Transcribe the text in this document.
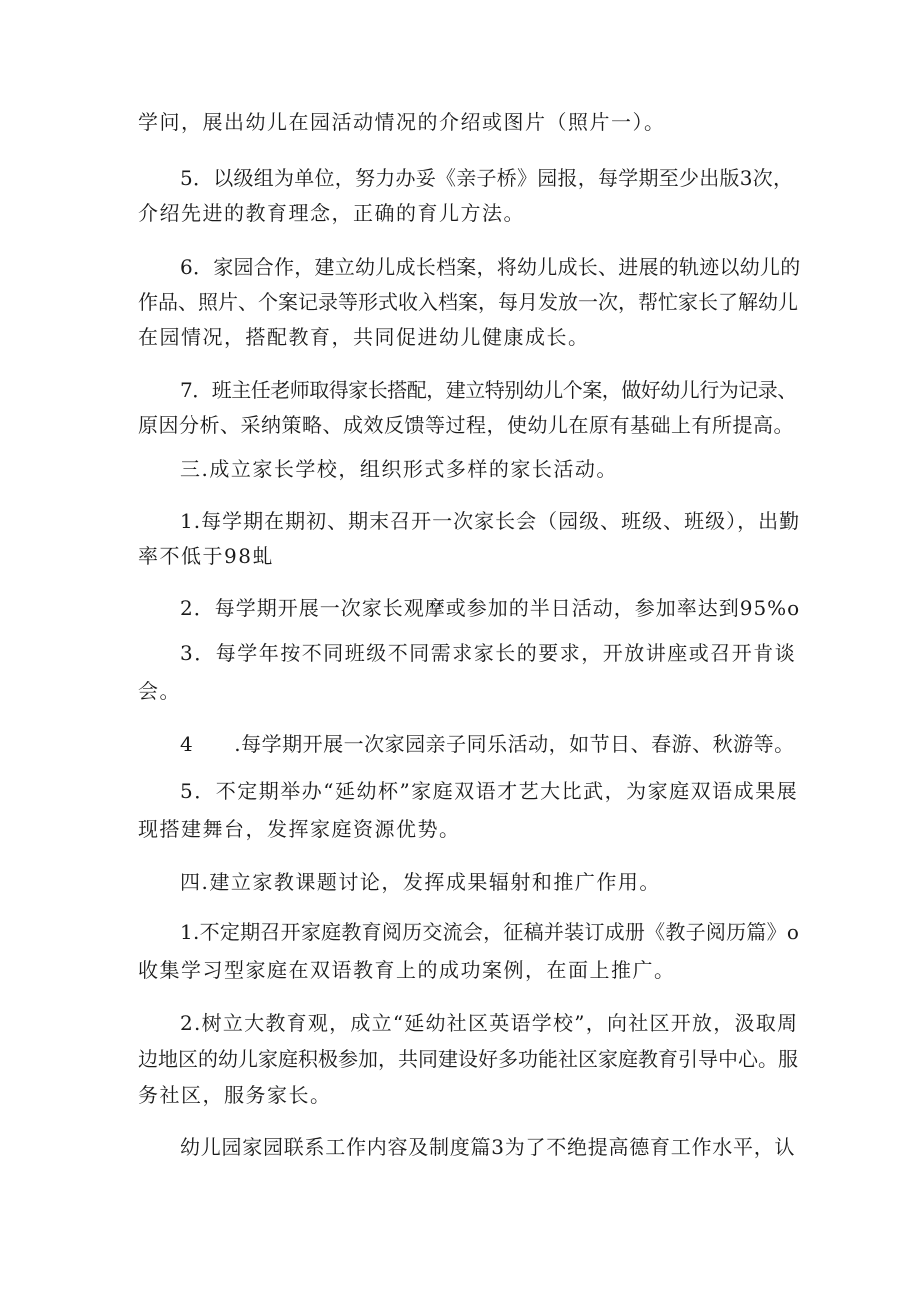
学问，展出幼儿在园活动情况的介绍或图片（照片一）。
5．以级组为单位，努力办妥《亲子桥》园报，每学期至少出版3次，
介绍先进的教育理念，正确的育儿方法。
6．家园合作，建立幼儿成长档案，将幼儿成长、进展的轨迹以幼儿的
作品、照片、个案记录等形式收入档案，每月发放一次，帮忙家长了解幼儿
在园情况，搭配教育，共同促进幼儿健康成长。
7．班主任老师取得家长搭配，建立特别幼儿个案，做好幼儿行为记录、
原因分析、采纳策略、成效反馈等过程，使幼儿在原有基础上有所提高。
三.成立家长学校，组织形式多样的家长活动。
1.每学期在期初、期末召开一次家长会（园级、班级、班级），出勤
率不低于98虬
2．每学期开展一次家长观摩或参加的半日活动，参加率达到95%o
3．每学年按不同班级不同需求家长的要求，开放讲座或召开肯谈
会。
4　　.每学期开展一次家园亲子同乐活动，如节日、春游、秋游等。
5．不定期举办“延幼杯”家庭双语才艺大比武，为家庭双语成果展
现搭建舞台，发挥家庭资源优势。
四.建立家教课题讨论，发挥成果辐射和推广作用。
1.不定期召开家庭教育阅历交流会，征稿并装订成册《教子阅历篇》o
收集学习型家庭在双语教育上的成功案例，在面上推广。
2.树立大教育观，成立“延幼社区英语学校”，向社区开放，汲取周
边地区的幼儿家庭积极参加，共同建设好多功能社区家庭教育引导中心。服
务社区，服务家长。
幼儿园家园联系工作内容及制度篇3为了不绝提高德育工作水平，认
